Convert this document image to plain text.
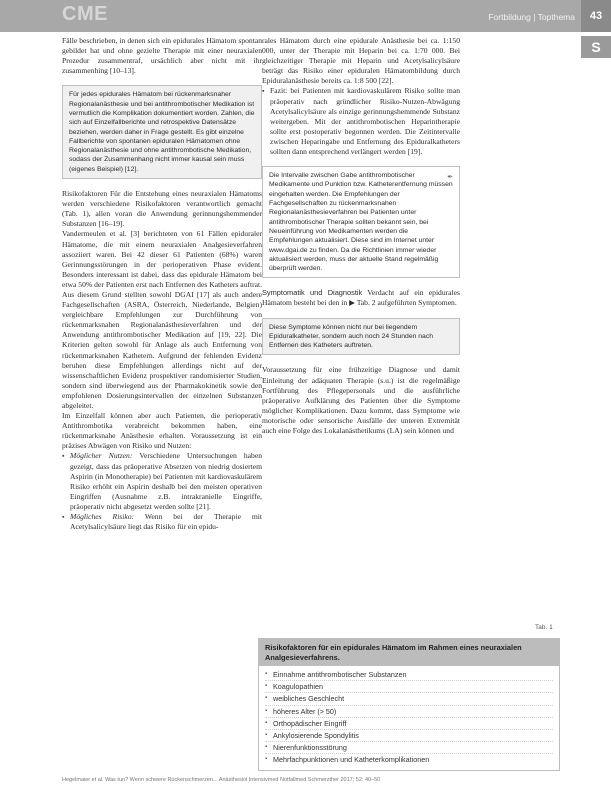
CME	Fortbildung | Topthema	43
S

Fälle beschrieben, in denen sich ein epidurales Hämatom spontan gebildet hat und ohne gezielte Therapie mit einer neuraxialen Prozedur zusammentraf, ursächlich aber nicht mit ihr zusammenhing [10–13].

Für jedes epidurales Hämatom bei rückenmarksnaher Regionalanästhesie und bei antithrombotischer Medikation ist vermutlich die Komplikation dokumentiert worden. Zahlen, die sich auf Einzelfallberichte und retrospektive Datensätze beziehen, werden daher in Frage gestellt. Es gibt einzelne Fallberichte von spontanen epiduralen Hämatomen ohne Regionalanästhesie und ohne antithrombotische Medikation, sodass der Zusammenhang nicht immer kausal sein muss (eigenes Beispiel) [12].

Risikofaktoren Für die Entstehung eines neuraxialen Hämatoms werden verschiedene Risikofaktoren verantwortlich gemacht (Tab. 1), allen voran die Anwendung gerinnungshemmender Substanzen [16–19].

Vandermeulen et al. [3] berichteten von 61 Fällen epiduraler Hämatome, die mit einem neuraxialen Analgesieverfahren assoziiert waren. Bei 42 dieser 61 Patienten (68%) waren Gerinnungsstörungen in der perioperativen Phase evident. Besonders interessant ist dabei, dass das epidurale Hämatom bei etwa 50% der Patienten erst nach Entfernen des Katheters auftrat. Aus diesem Grund stellten sowohl DGAI [17] als auch andere Fachgesellschaften (ASRA, Österreich, Niederlande, Belgien) vergleichbare Empfehlungen zur Durchführung von rückenmarksnahen Regionalanästhesieverfahren und der Anwendung antithrombotischer Medikation auf [19, 22]. Die Kriterien gelten sowohl für Anlage als auch Entfernung von rückenmarksnahen Kathetern. Aufgrund der fehlenden Evidenz beruhen diese Empfehlungen allerdings nicht auf der wissenschaftlichen Evidenz prospektiver randomisierter Studien, sondern sind überwiegend aus der Pharmakokinetik sowie den empfohlenen Dosierungsintervallen der einzelnen Substanzen abgeleitet.

Im Einzelfall können aber auch Patienten, die perioperativ Antithrombotika verabreicht bekommen haben, eine rückenmarksnahe Anästhesie erhalten. Voraussetzung ist ein präzises Abwägen von Risiko und Nutzen:

▪ Möglicher Nutzen: Verschiedene Untersuchungen haben gezeigt, dass das präoperative Absetzen von niedrig dosiertem Aspirin (in Monotherapie) bei Patienten mit kardiovaskulärem Risiko erhöht ein Aspirin deshalb bei den meisten operativen Eingriffen (Ausnahme z.B. intrakranielle Eingriffe, präoperativ nicht abgesetzt werden sollte [21].
▪ Mögliches Risiko: Wenn bei der Therapie mit Acetylsalicylsäure liegt das Risiko für ein epidu-

rales Hämatom durch eine epidurale Anästhesie bei ca. 1:150 000, unter der Therapie mit Heparin bei ca. 1:70 000. Bei gleichzeitiger Therapie mit Heparin und Acetylsalicylsäure beträgt das Risiko einer epiduralen Hämatombildung durch Epiduralanästhesie bereits ca. 1:8 500 [22].

▪ Fazit: bei Patienten mit kardiovaskulärem Risiko sollte man präoperativ nach gründlicher Risiko-Nutzen-Abwägung Acetylsalicylsäure als einzige gerinnungshemmende Substanz weitergeben. Mit der antithrombotischen Heparintherapie sollte erst postoperativ begonnen werden. Die Zeitintervalle zwischen Heparingabe und Entfernung des Epiduralkatheters sollten dann entsprechend verlängert werden [19].
✒
Die Intervalle zwischen Gabe antithrombotischer Medikamente und Punktion bzw. Katheterentfernung müssen eingehalten werden. Die Empfehlungen der Fachgesellschaften zu rückenmarksnahen Regionalanästhesieverfahren bei Patienten unter antithrombotischer Therapie sollten bekannt sein, bei Neueinführung von Medikamenten werden die Empfehlungen aktualisiert. Diese sind im Internet unter www.dgai.de zu finden. Da die Richtlinien immer wieder aktualisiert werden, muss der aktuelle Stand regelmäßig überprüft werden.

Symptomatik und Diagnostik Verdacht auf ein epidurales Hämatom besteht bei den in ▶ Tab. 2 aufgeführten Symptomen.

Diese Symptome können nicht nur bei liegendem Epiduralkatheter, sondern auch noch 24 Stunden nach Entfernen des Katheters auftreten.

Voraussetzung für eine frühzeitige Diagnose und damit Einleitung der adäquaten Therapie (s.u.) ist die regelmäßige Fortführung des Pflegepersonals und die ausführliche präoperative Aufklärung des Patienten über die Symptome möglicher Komplikationen. Dazu kommt, dass Symptome wie motorische oder sensorische Ausfälle der unteren Extremität auch eine Folge des Lokalanästhetikums (LA) sein können und

Tab. 1
Risikofaktoren für ein epidurales Hämatom im Rahmen eines neuraxialen Analgesieverfahrens.
▪ Einnahme antithrombotischer Substanzen
▪ Koagulopathien
▪ weibliches Geschlecht
▪ höheres Alter (> 50)
▪ Orthopädischer Eingriff
▪ Ankylosierende Spondylitis
▪ Nierenfunktionsstörung
▪ Mehrfachpunktionen und Katheterkomplikationen
Hegelmaier et al. Was tun? Wenn schwere Rückenschmerzen... Anästhesiol Intensivmed Notfallmed Schmerzther 2017; 52: 40–50
